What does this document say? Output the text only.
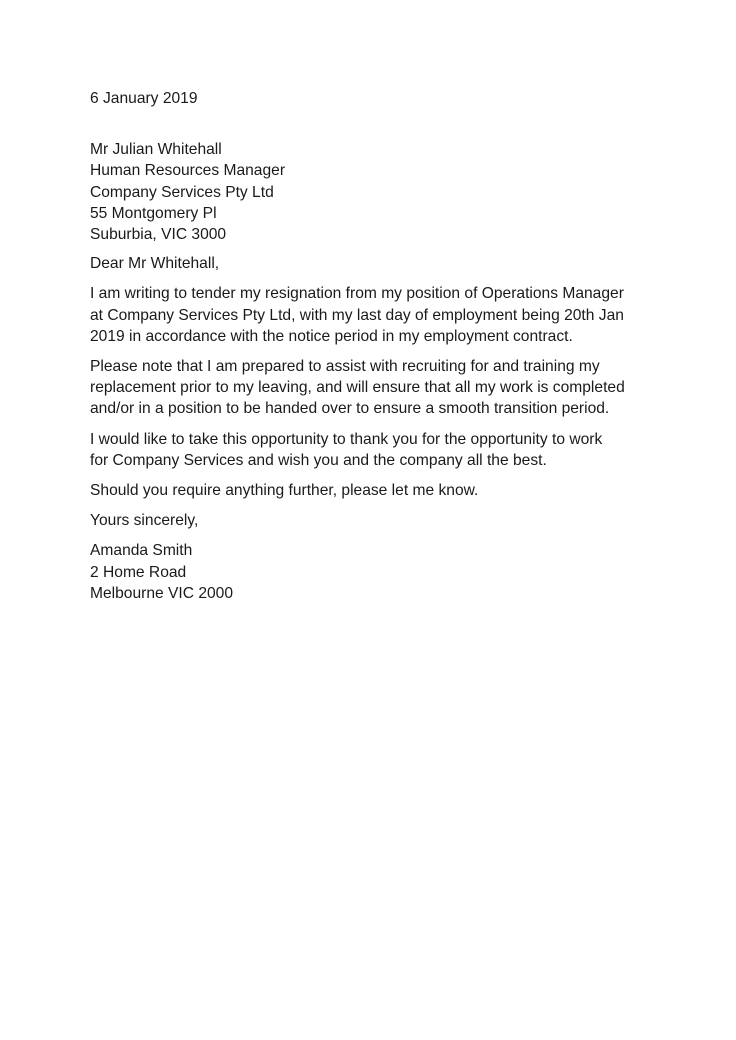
6 January 2019

Mr Julian Whitehall
Human Resources Manager
Company Services Pty Ltd
55 Montgomery Pl
Suburbia, VIC 3000

Dear Mr Whitehall,

I am writing to tender my resignation from my position of Operations Manager
at Company Services Pty Ltd, with my last day of employment being 20th Jan
2019 in accordance with the notice period in my employment contract.

Please note that I am prepared to assist with recruiting for and training my
replacement prior to my leaving, and will ensure that all my work is completed
and/or in a position to be handed over to ensure a smooth transition period.

I would like to take this opportunity to thank you for the opportunity to work
for Company Services and wish you and the company all the best.

Should you require anything further, please let me know.

Yours sincerely,

Amanda Smith
2 Home Road
Melbourne VIC 2000
